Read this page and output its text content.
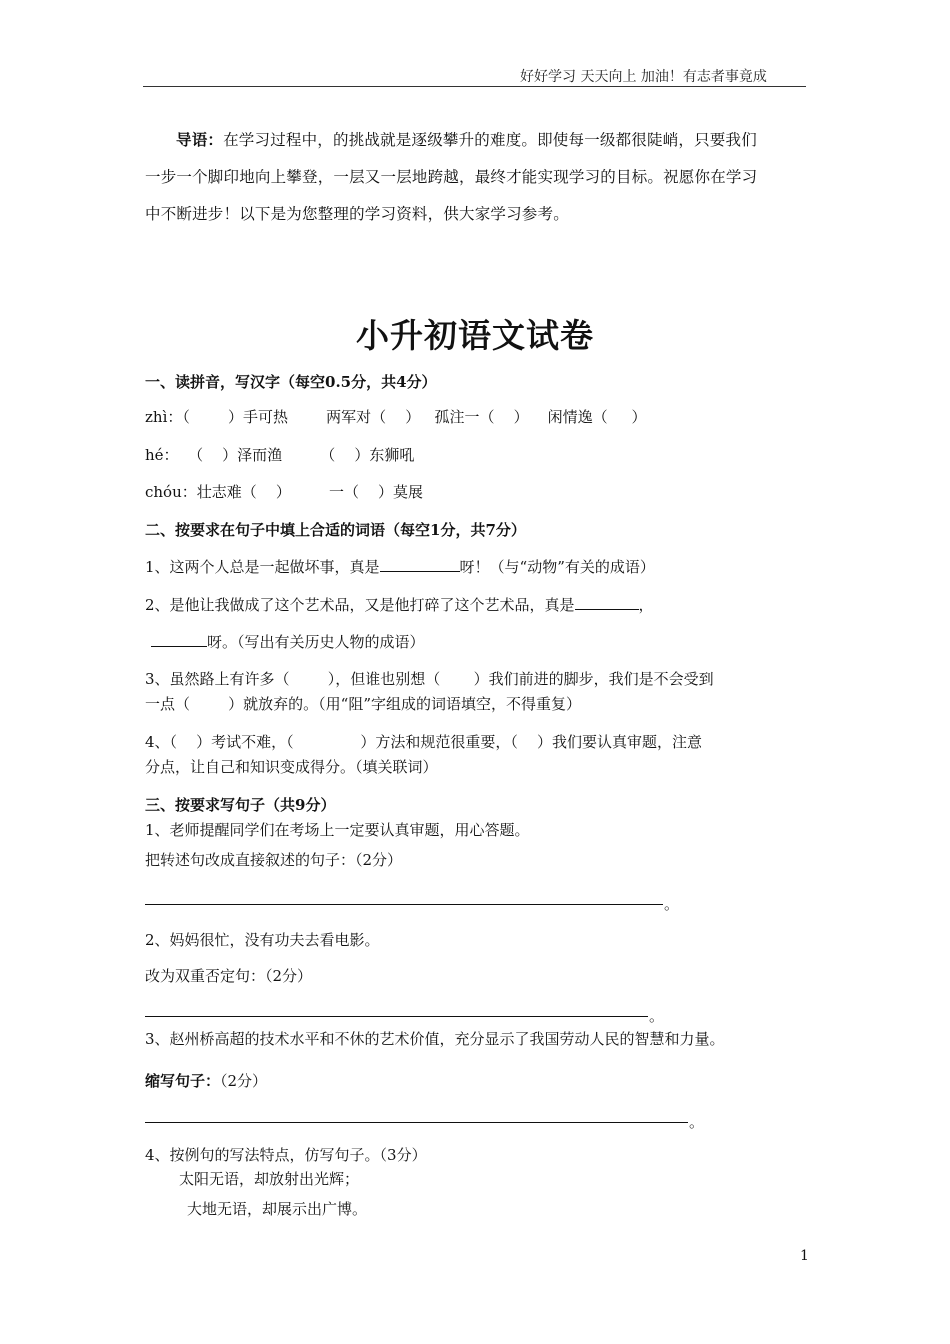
好好学习 天天向上 加油！有志者事竟成
导语：在学习过程中，的挑战就是逐级攀升的难度。即使每一级都很陡峭，只要我们
一步一个脚印地向上攀登，一层又一层地跨越，最终才能实现学习的目标。祝愿你在学习
中不断进步！以下是为您整理的学习资料，供大家学习参考。
小升初语文试卷
一、读拼音，写汉字（每空0.5分，共4分）
zhì：（        ）手可热        两军对（    ）   孤注一（    ）    闲情逸（     ）
hé：  （    ）泽而渔        （    ）东狮吼
chóu：壮志难（    ）        一（    ）莫展
二、按要求在句子中填上合适的词语（每空1分，共7分）
1、这两个人总是一起做坏事，真是	呀！（与“动物”有关的成语）
2、是他让我做成了这个艺术品，又是他打碎了这个艺术品，真是	，
呀。（写出有关历史人物的成语）
3、虽然路上有许多（        ），但谁也别想（       ）我们前进的脚步，我们是不会受到
一点（        ）就放弃的。（用“阻”字组成的词语填空，不得重复）
4、（    ）考试不难，（              ）方法和规范很重要，（    ）我们要认真审题，注意
分点，让自己和知识变成得分。（填关联词）
三、按要求写句子（共9分）
1、老师提醒同学们在考场上一定要认真审题，用心答题。
把转述句改成直接叙述的句子：（2分）
。
2、妈妈很忙，没有功夫去看电影。
改为双重否定句：（2分）
。
3、赵州桥高超的技术水平和不休的艺术价值，充分显示了我国劳动人民的智慧和力量。
缩写句子：（2分）
。
4、按例句的写法特点，仿写句子。（3分）
太阳无语，却放射出光辉；
大地无语，却展示出广博。
1
